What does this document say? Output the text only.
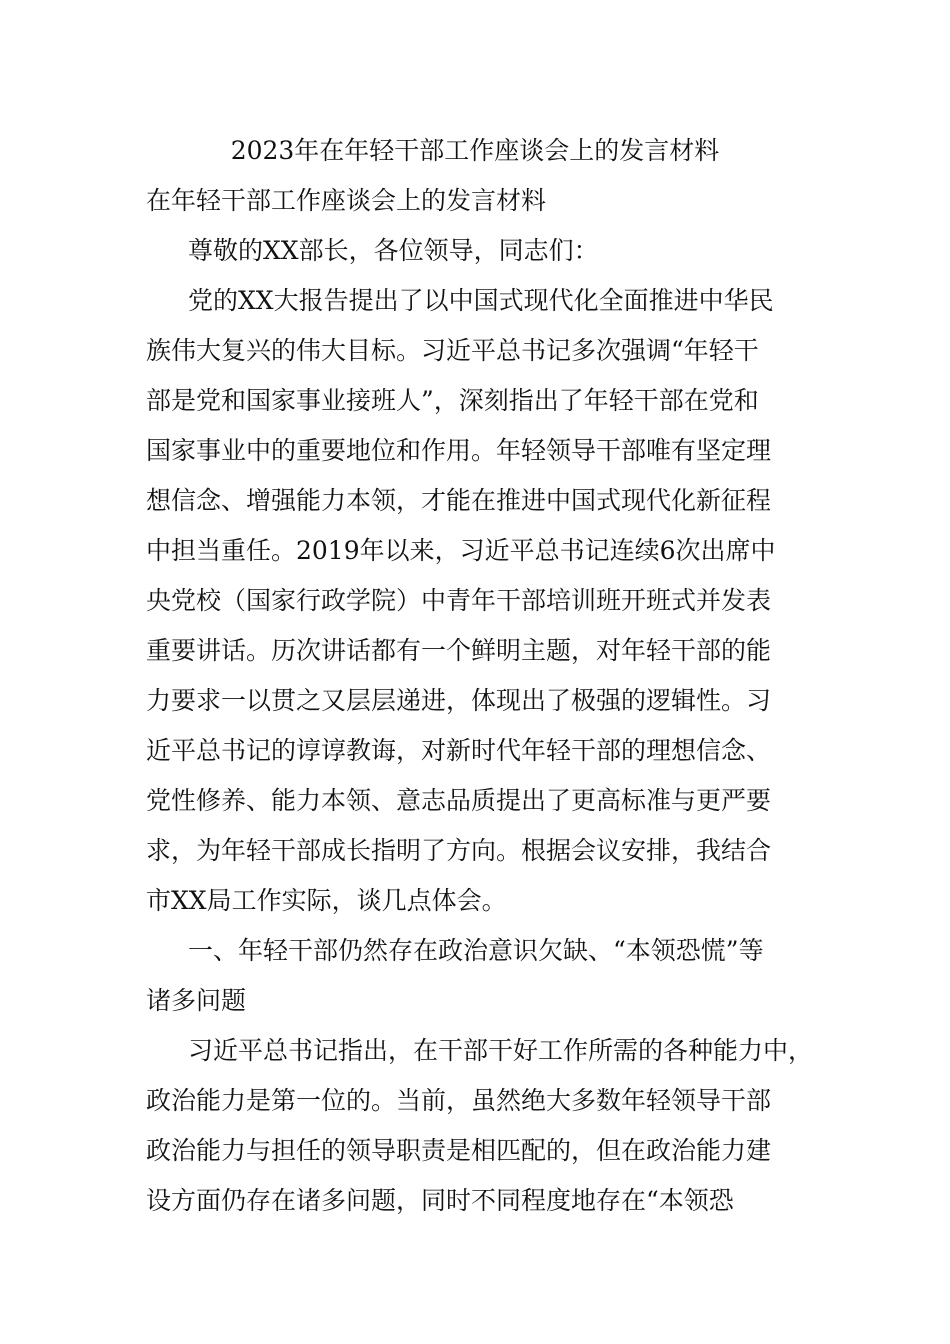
2023年在年轻干部工作座谈会上的发言材料
在年轻干部工作座谈会上的发言材料
尊敬的XX部长，各位领导，同志们：
党的XX大报告提出了以中国式现代化全面推进中华民
族伟大复兴的伟大目标。习近平总书记多次强调“年轻干
部是党和国家事业接班人”，深刻指出了年轻干部在党和
国家事业中的重要地位和作用。年轻领导干部唯有坚定理
想信念、增强能力本领，才能在推进中国式现代化新征程
中担当重任。2019年以来，习近平总书记连续6次出席中
央党校（国家行政学院）中青年干部培训班开班式并发表
重要讲话。历次讲话都有一个鲜明主题，对年轻干部的能
力要求一以贯之又层层递进，体现出了极强的逻辑性。习
近平总书记的谆谆教诲，对新时代年轻干部的理想信念、
党性修养、能力本领、意志品质提出了更高标准与更严要
求，为年轻干部成长指明了方向。根据会议安排，我结合
市XX局工作实际，谈几点体会。
一、年轻干部仍然存在政治意识欠缺、“本领恐慌”等
诸多问题
习近平总书记指出，在干部干好工作所需的各种能力中，
政治能力是第一位的。当前，虽然绝大多数年轻领导干部
政治能力与担任的领导职责是相匹配的，但在政治能力建
设方面仍存在诸多问题，同时不同程度地存在“本领恐
